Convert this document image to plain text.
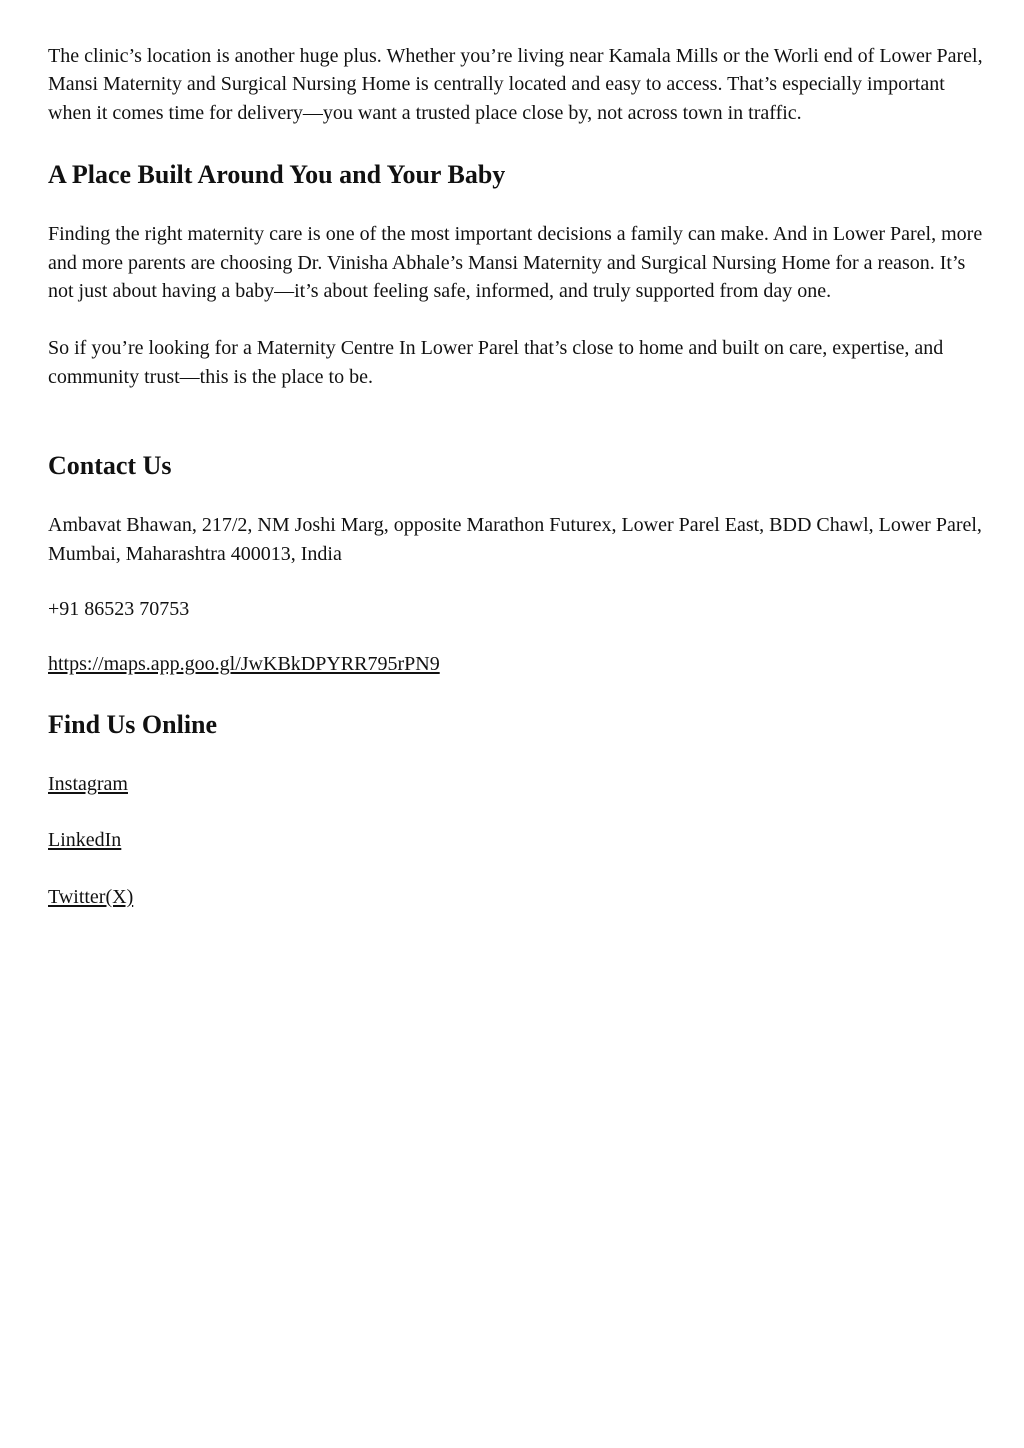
The clinic’s location is another huge plus. Whether you’re living near Kamala Mills or the Worli end of Lower Parel, Mansi Maternity and Surgical Nursing Home is centrally located and easy to access. That’s especially important when it comes time for delivery—you want a trusted place close by, not across town in traffic.

A Place Built Around You and Your Baby

Finding the right maternity care is one of the most important decisions a family can make. And in Lower Parel, more and more parents are choosing Dr. Vinisha Abhale’s Mansi Maternity and Surgical Nursing Home for a reason. It’s not just about having a baby—it’s about feeling safe, informed, and truly supported from day one.

So if you’re looking for a Maternity Centre In Lower Parel that’s close to home and built on care, expertise, and community trust—this is the place to be.

Contact Us

Ambavat Bhawan, 217/2, NM Joshi Marg, opposite Marathon Futurex, Lower Parel East, BDD Chawl, Lower Parel, Mumbai, Maharashtra 400013, India

+91 86523 70753

https://maps.app.goo.gl/JwKBkDPYRR795rPN9

Find Us Online

Instagram

LinkedIn

Twitter(X)
